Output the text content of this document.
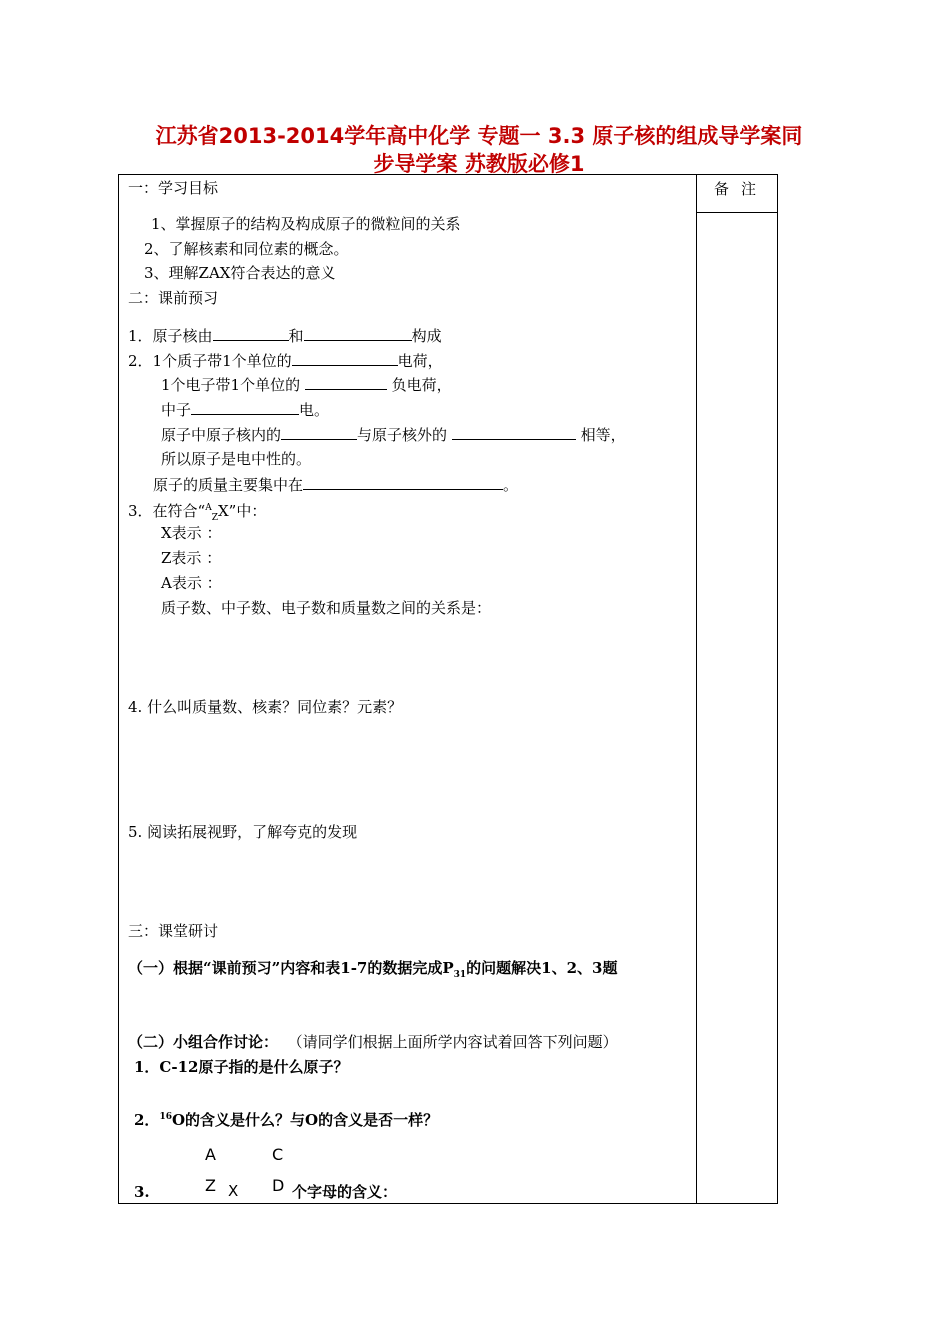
江苏省2013-2014学年高中化学 专题一 3.3 原子核的组成导学案同
步导学案 苏教版必修1
备注
一：学习目标
1、掌握原子的结构及构成原子的微粒间的关系
2、了解核素和同位素的概念。
3、理解ZAX符合表达的意义
二：课前预习
1．原子核由	和	构成
2．1个质子带1个单位的	电荷，
1个电子带1个单位的	负电荷，
中子	电。
原子中原子核内的	与原子核外的	相等，
所以原子是电中性的。
原子的质量主要集中在	。
3．在符合“$^A_Z$X”中：
X表示 ：
Z表示 ：
A表示 ：
质子数、中子数、电子数和质量数之间的关系是：
4. 什么叫质量数、核素？同位素？元素？
5. 阅读拓展视野，了解夸克的发现
三：课堂研讨
（一）根据“课前预习”内容和表1-7的数据完成$P_{31}$的问题解决1、2、3题
（二）小组合作讨论： （请同学们根据上面所学内容试着回答下列问题）
1．C-12原子指的是什么原子？
2．$^{16}$O的含义是什么？与O的含义是否一样？
A	C
Z X D
3.	个字母的含义：
